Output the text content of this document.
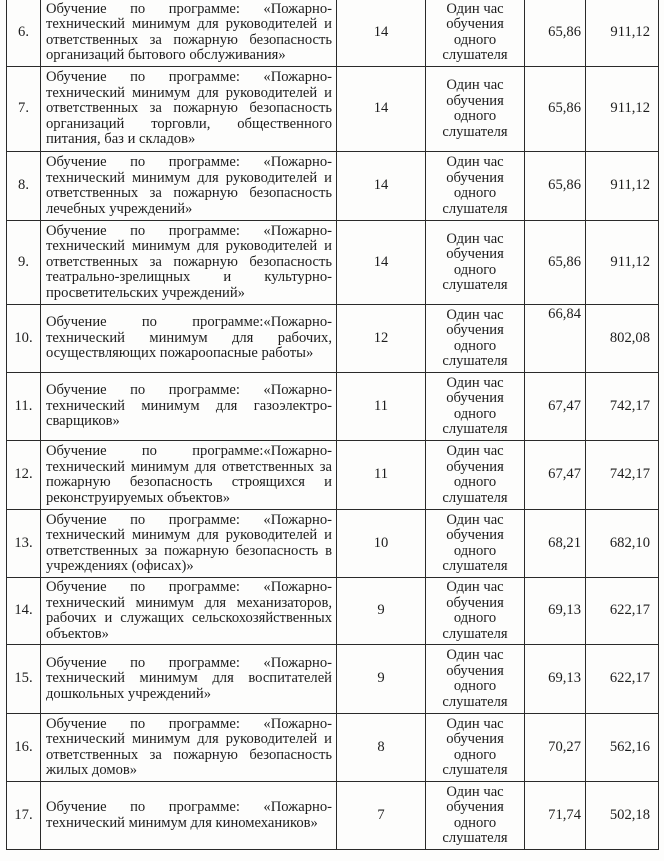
6.	Обучение по программе: «Пожарно-технический минимум для руководителей и ответственных за пожарную безопасность организаций бытового обслуживания»	14	Один час обучения одного слушателя	65,86	911,12
7.	Обучение по программе: «Пожарно-технический минимум для руководителей и ответственных за пожарную безопасность организаций торговли, общественного питания, баз и складов»	14	Один час обучения одного слушателя	65,86	911,12
8.	Обучение по программе: «Пожарно-технический минимум для руководителей и ответственных за пожарную безопасность лечебных учреждений»	14	Один час обучения одного слушателя	65,86	911,12
9.	Обучение по программе: «Пожарно-технический минимум для руководителей и ответственных за пожарную безопасность театрально-зрелищных и культурно-просветительских учреждений»	14	Один час обучения одного слушателя	65,86	911,12
10.	Обучение по программе:«Пожарно-технический минимум для рабочих, осуществляющих пожароопасные работы»	12	Один час обучения одного слушателя	66,84	802,08
11.	Обучение по программе: «Пожарно-технический минимум для газоэлектро-сварщиков»	11	Один час обучения одного слушателя	67,47	742,17
12.	Обучение по программе:«Пожарно-технический минимум для ответственных за пожарную безопасность строящихся и реконструируемых объектов»	11	Один час обучения одного слушателя	67,47	742,17
13.	Обучение по программе: «Пожарно-технический минимум для руководителей и ответственных за пожарную безопасность в учреждениях (офисах)»	10	Один час обучения одного слушателя	68,21	682,10
14.	Обучение по программе: «Пожарно-технический минимум для механизаторов, рабочих и служащих сельскохозяйственных объектов»	9	Один час обучения одного слушателя	69,13	622,17
15.	Обучение по программе: «Пожарно-технический минимум для воспитателей дошкольных учреждений»	9	Один час обучения одного слушателя	69,13	622,17
16.	Обучение по программе: «Пожарно-технический минимум для руководителей и ответственных за пожарную безопасность жилых домов»	8	Один час обучения одного слушателя	70,27	562,16
17.	Обучение по программе: «Пожарно-технический минимум для киномехаников»	7	Один час обучения одного слушателя	71,74	502,18
